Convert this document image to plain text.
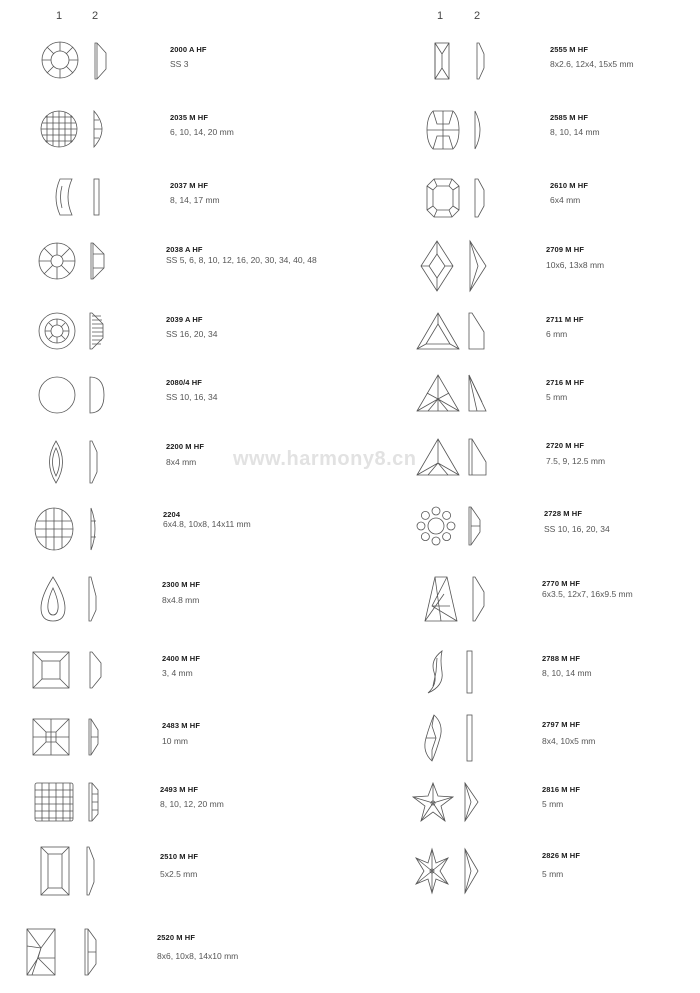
1	2	1	2
www.harmony8.cn
2000 A HF
SS 3
2035 M HF
6, 10, 14, 20 mm
2037 M HF
8, 14, 17 mm
2038 A HF
SS 5, 6, 8, 10, 12, 16, 20, 30, 34, 40, 48
2039 A HF
SS 16, 20, 34
2080/4 HF
SS 10, 16, 34
2200 M HF
8x4 mm
2204
6x4.8, 10x8, 14x11 mm
2300 M HF
8x4.8 mm
2400 M HF
3, 4 mm
2483 M HF
10 mm
2493 M HF
8, 10, 12, 20 mm
2510 M HF
5x2.5 mm
2520 M HF
8x6, 10x8, 14x10 mm
2555 M HF
8x2.6, 12x4, 15x5 mm
2585 M HF
8, 10, 14 mm
2610 M HF
6x4 mm
2709 M HF
10x6, 13x8 mm
2711 M HF
6 mm
2716 M HF
5 mm
2720 M HF
7.5, 9, 12.5 mm
2728 M HF
SS 10, 16, 20, 34
2770 M HF
6x3.5, 12x7, 16x9.5 mm
2788 M HF
8, 10, 14 mm
2797 M HF
8x4, 10x5 mm
2816 M HF
5 mm
2826 M HF
5 mm
